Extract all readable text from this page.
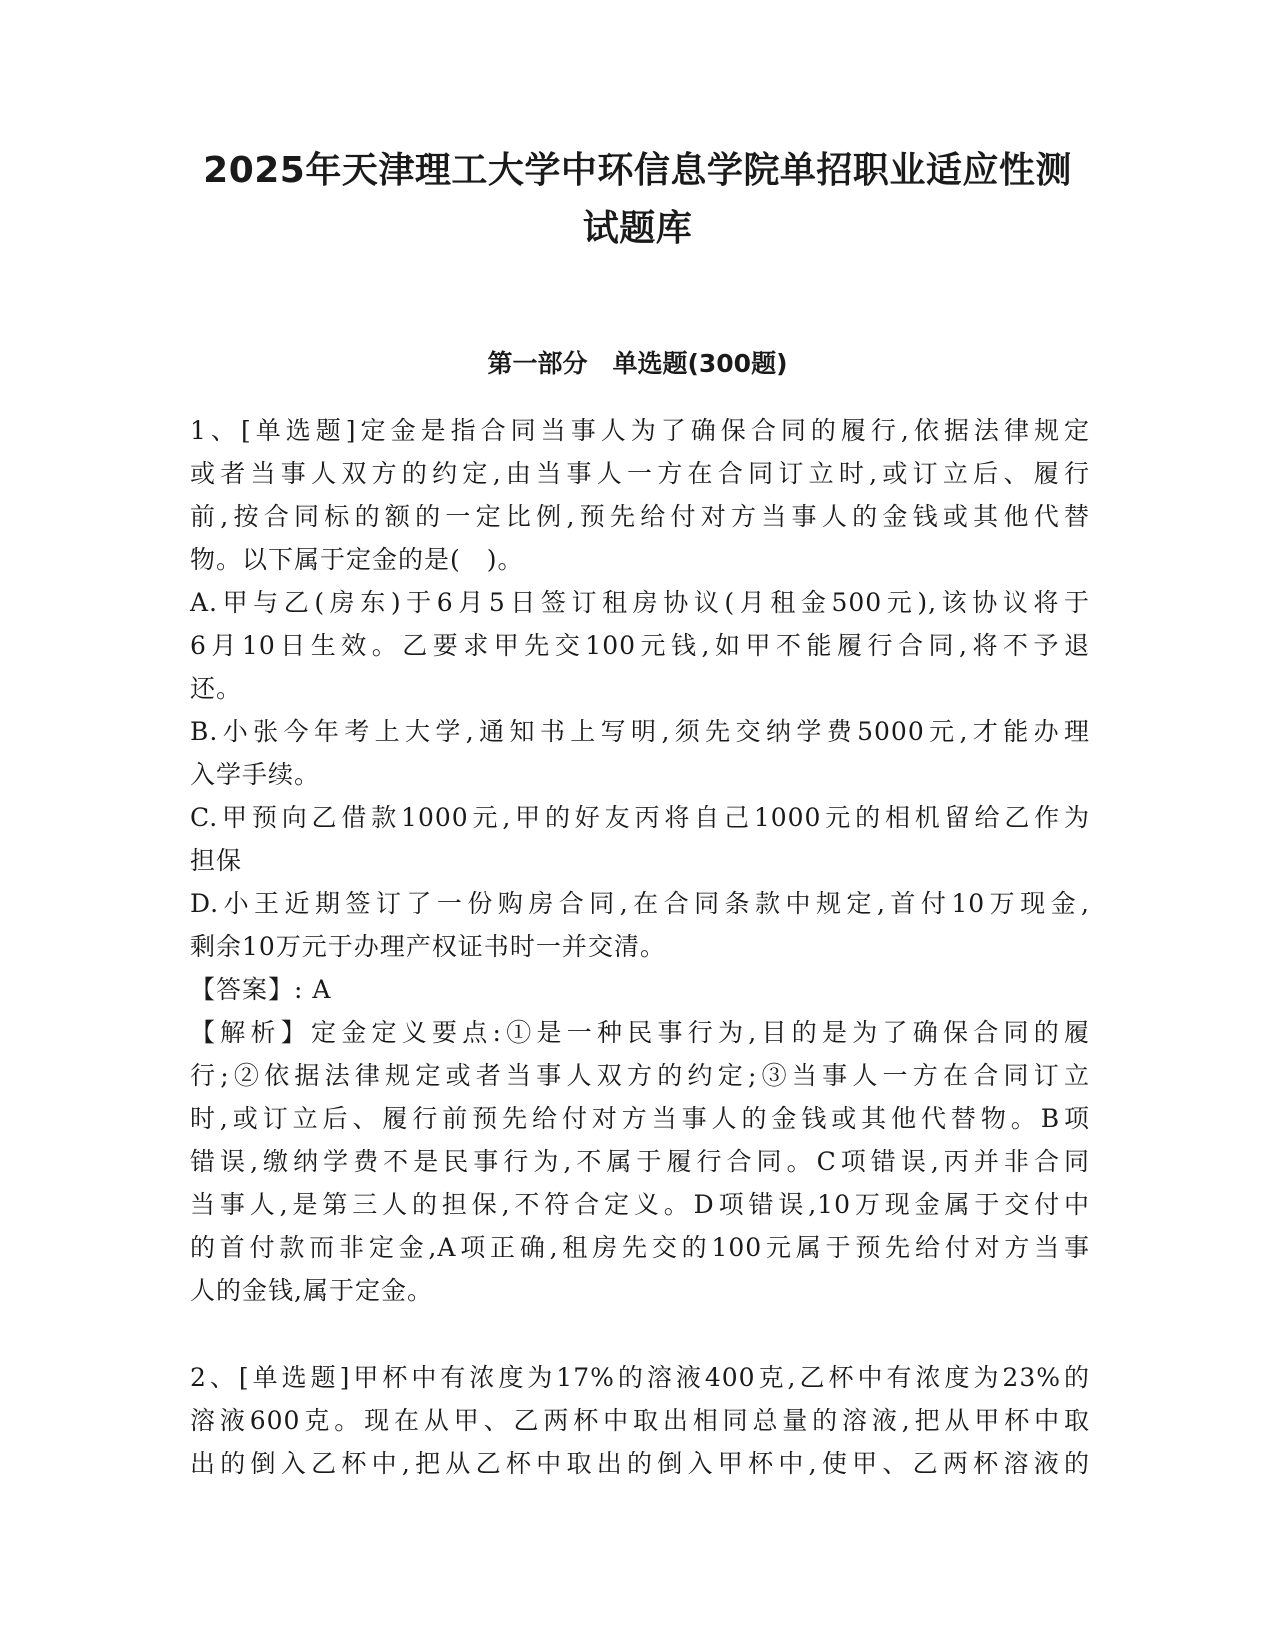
2025年天津理工大学中环信息学院单招职业适应性测
试题库
第一部分　单选题(300题)

1、[单选题]定金是指合同当事人为了确保合同的履行,依据法律规定
或者当事人双方的约定,由当事人一方在合同订立时,或订立后、履行
前,按合同标的额的一定比例,预先给付对方当事人的金钱或其他代替
物。以下属于定金的是(　)。

A.甲与乙(房东)于6月5日签订租房协议(月租金500元),该协议将于
6月10日生效。乙要求甲先交100元钱,如甲不能履行合同,将不予退
还。

B.小张今年考上大学,通知书上写明,须先交纳学费5000元,才能办理
入学手续。

C.甲预向乙借款1000元,甲的好友丙将自己1000元的相机留给乙作为
担保

D.小王近期签订了一份购房合同,在合同条款中规定,首付10万现金,
剩余10万元于办理产权证书时一并交清。

【答案】: A

【解析】定金定义要点:①是一种民事行为,目的是为了确保合同的履
行;②依据法律规定或者当事人双方的约定;③当事人一方在合同订立
时,或订立后、履行前预先给付对方当事人的金钱或其他代替物。B项
错误,缴纳学费不是民事行为,不属于履行合同。C项错误,丙并非合同
当事人,是第三人的担保,不符合定义。D项错误,10万现金属于交付中
的首付款而非定金,A项正确,租房先交的100元属于预先给付对方当事
人的金钱,属于定金。

2、[单选题]甲杯中有浓度为17%的溶液400克,乙杯中有浓度为23%的
溶液600克。现在从甲、乙两杯中取出相同总量的溶液,把从甲杯中取
出的倒入乙杯中,把从乙杯中取出的倒入甲杯中,使甲、乙两杯溶液的
